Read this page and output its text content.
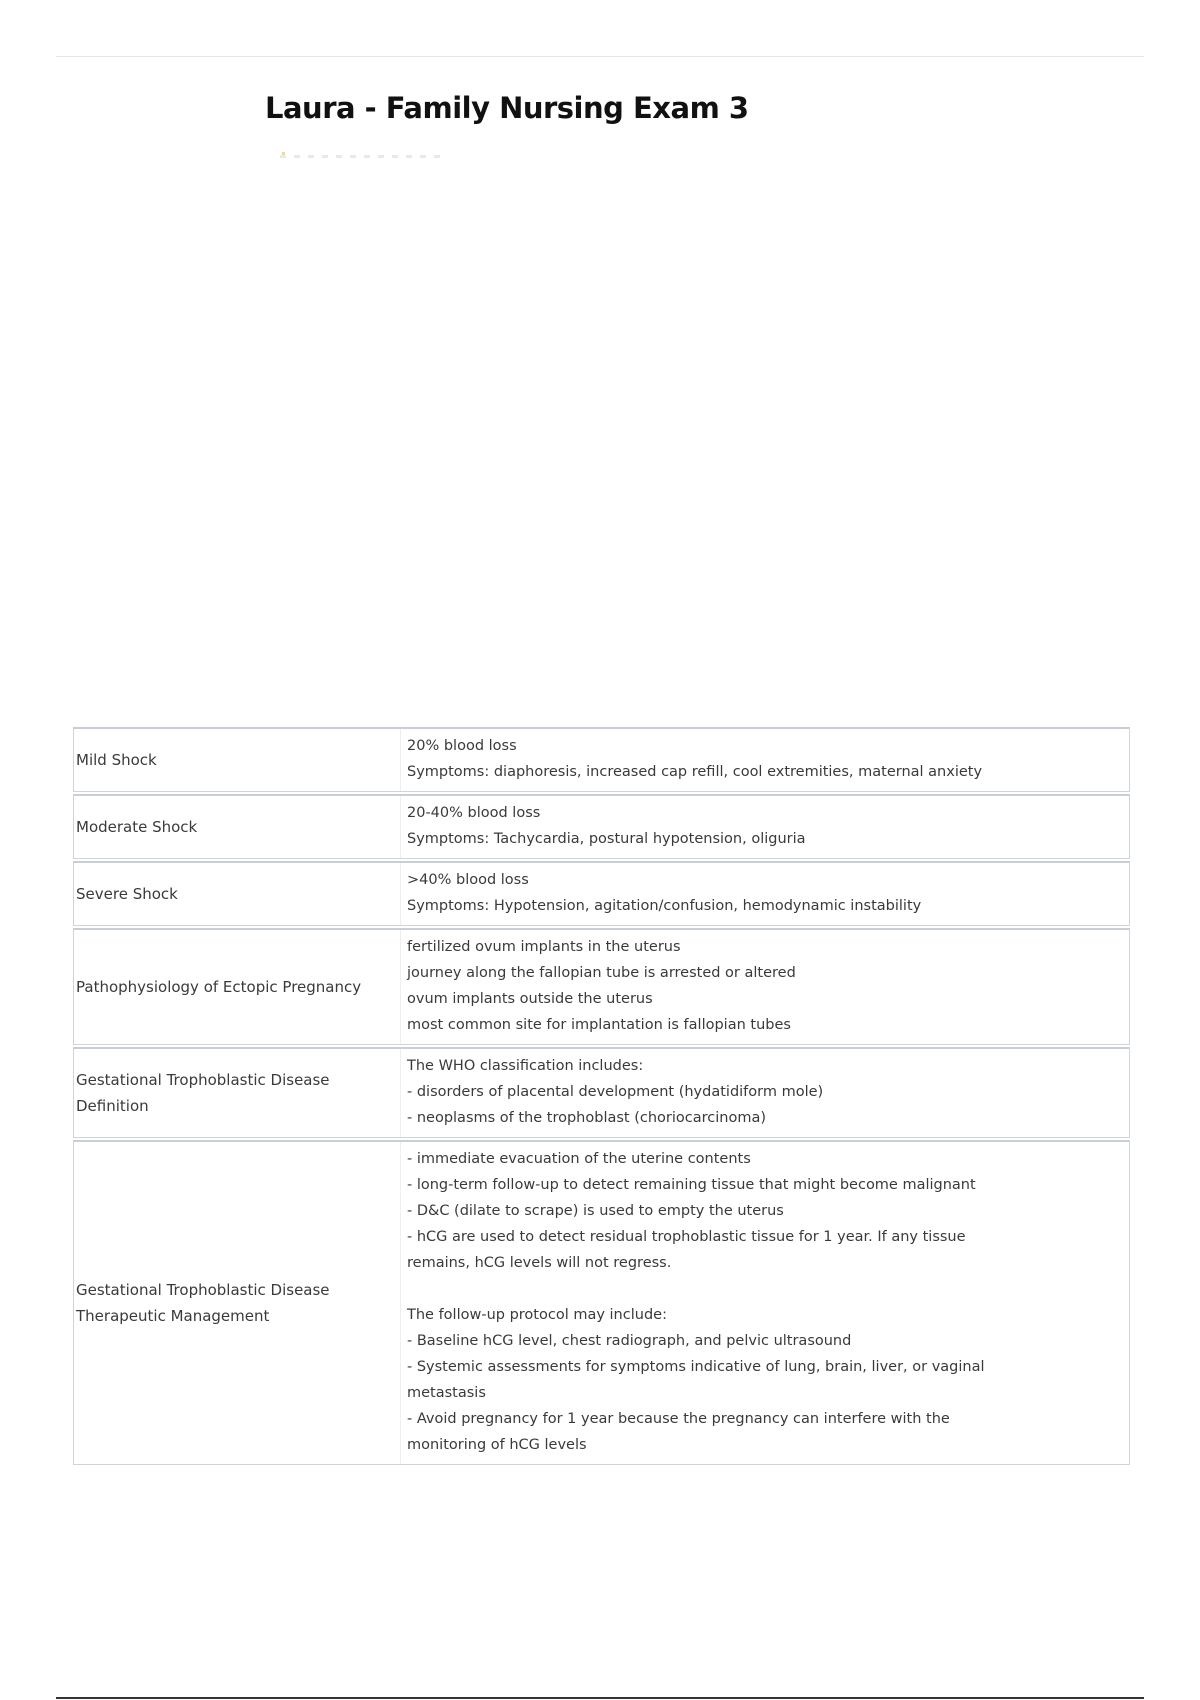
Laura - Family Nursing Exam 3
Mild Shock
20% blood loss
Symptoms: diaphoresis, increased cap refill, cool extremities, maternal anxiety
Moderate Shock
20-40% blood loss
Symptoms: Tachycardia, postural hypotension, oliguria
Severe Shock
>40% blood loss
Symptoms: Hypotension, agitation/confusion, hemodynamic instability
Pathophysiology of Ectopic Pregnancy
fertilized ovum implants in the uterus
journey along the fallopian tube is arrested or altered
ovum implants outside the uterus
most common site for implantation is fallopian tubes
Gestational Trophoblastic Disease Definition
The WHO classification includes:
- disorders of placental development (hydatidiform mole)
- neoplasms of the trophoblast (choriocarcinoma)
Gestational Trophoblastic Disease Therapeutic Management
- immediate evacuation of the uterine contents
- long-term follow-up to detect remaining tissue that might become malignant
- D&C (dilate to scrape) is used to empty the uterus
- hCG are used to detect residual trophoblastic tissue for 1 year. If any tissue
remains, hCG levels will not regress.
The follow-up protocol may include:
- Baseline hCG level, chest radiograph, and pelvic ultrasound
- Systemic assessments for symptoms indicative of lung, brain, liver, or vaginal
metastasis
- Avoid pregnancy for 1 year because the pregnancy can interfere with the
monitoring of hCG levels
